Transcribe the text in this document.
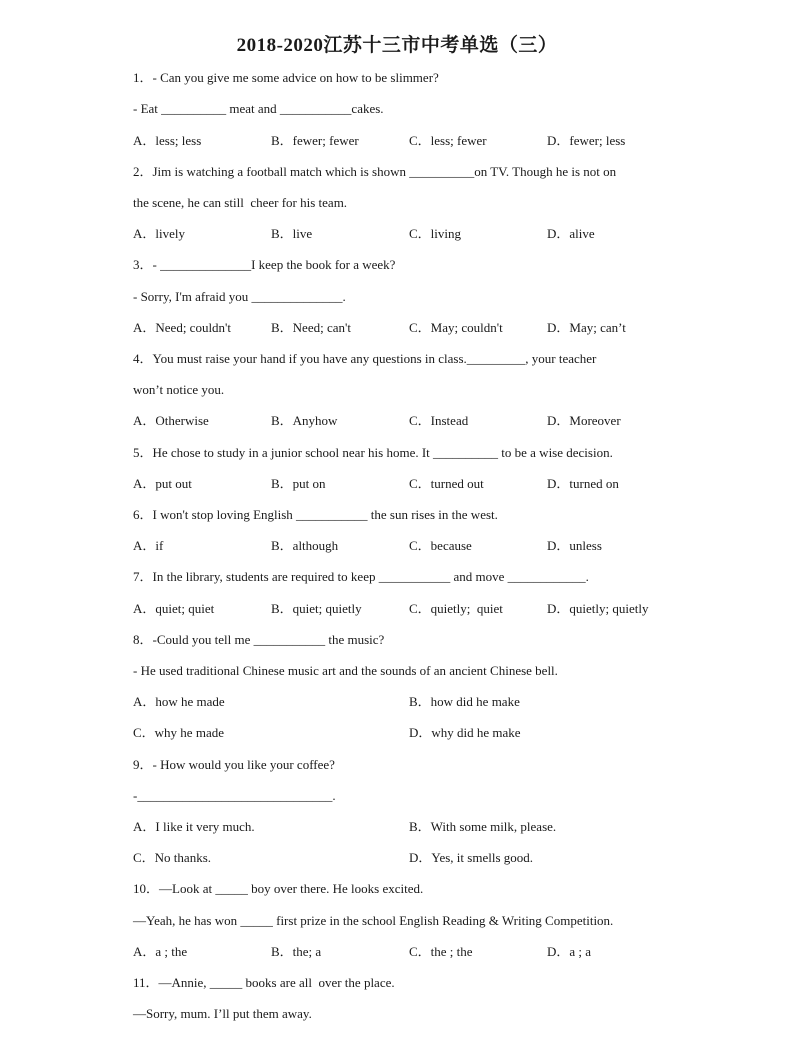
2018-2020江苏十三市中考单选（三）
1．- Can you give me some advice on how to be slimmer?
- Eat __________ meat and ___________cakes.
A．less; less	B．fewer; fewer	C．less; fewer	D．fewer; less
2．Jim is watching a football match which is shown __________on TV. Though he is not on
the scene, he can still  cheer for his team.
A．lively	B．live	C．living	D．alive
3．- ______________I keep the book for a week?
- Sorry, I'm afraid you ______________.
A．Need; couldn't	B．Need; can't	C．May; couldn't	D．May; can’t
4．You must raise your hand if you have any questions in class._________, your teacher
won’t notice you.
A．Otherwise	B．Anyhow	C．Instead	D．Moreover
5．He chose to study in a junior school near his home. It __________ to be a wise decision.
A．put out	B．put on	C．turned out	D．turned on
6．I won't stop loving English ___________ the sun rises in the west.
A．if	B．although	C．because	D．unless
7．In the library, students are required to keep ___________ and move ____________.
A．quiet; quiet	B．quiet; quietly	C．quietly;  quiet	D．quietly; quietly
8．-Could you tell me ___________ the music?
- He used traditional Chinese music art and the sounds of an ancient Chinese bell.
A．how he made	B．how did he make
C．why he made	D．why did he make
9．- How would you like your coffee?
-______________________________.
A．I like it very much.	B．With some milk, please.
C．No thanks.	D．Yes, it smells good.
10．—Look at _____ boy over there. He looks excited.
—Yeah, he has won _____ first prize in the school English Reading & Writing Competition.
A．a ; the	B．the; a	C．the ; the	D．a ; a
11．—Annie, _____ books are all  over the place.
—Sorry, mum. I’ll put them away.
